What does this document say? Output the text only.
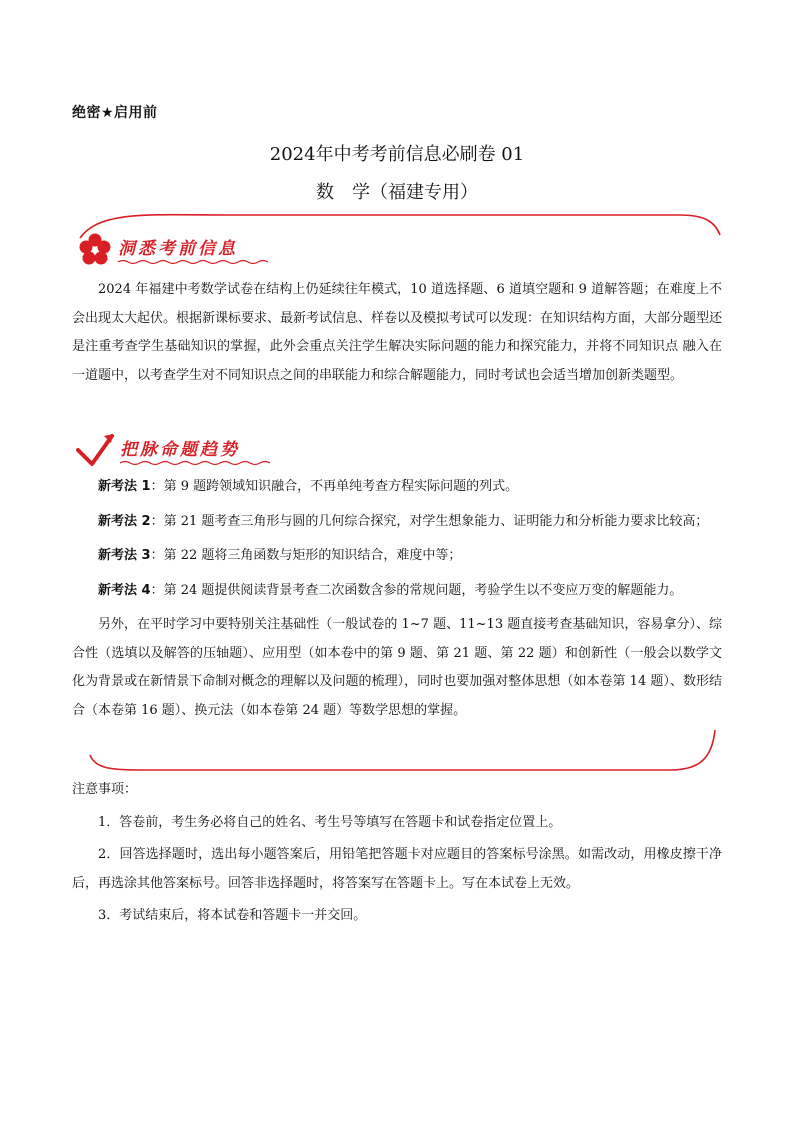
绝密★启用前
2024年中考考前信息必刷卷 01
数　学（福建专用）
洞悉考前信息

2024 年福建中考数学试卷在结构上仍延续往年模式，10 道选择题、6 道填空题和 9 道解答题；在难度上不会出现太大起伏。根据新课标要求、最新考试信息、样卷以及模拟考试可以发现：在知识结构方面，大部分题型还是注重考查学生基础知识的掌握，此外会重点关注学生解决实际问题的能力和探究能力，并将不同知识点 融入在一道题中，以考查学生对不同知识点之间的串联能力和综合解题能力，同时考试也会适当增加创新类题型。

把脉命题趋势

新考法 1：第 9 题跨领域知识融合，不再单纯考查方程实际问题的列式。

新考法 2：第 21 题考查三角形与圆的几何综合探究，对学生想象能力、证明能力和分析能力要求比较高；

新考法 3：第 22 题将三角函数与矩形的知识结合，难度中等；

新考法 4：第 24 题提供阅读背景考查二次函数含参的常规问题，考验学生以不变应万变的解题能力。

另外，在平时学习中要特别关注基础性（一般试卷的 1~7 题、11~13 题直接考查基础知识，容易拿分）、综合性（选填以及解答的压轴题）、应用型（如本卷中的第 9 题、第 21 题、第 22 题）和创新性（一般会以数学文化为背景或在新情景下命制对概念的理解以及问题的梳理），同时也要加强对整体思想（如本卷第 14 题）、数形结合（本卷第 16 题）、换元法（如本卷第 24 题）等数学思想的掌握。

注意事项：

1．答卷前，考生务必将自己的姓名、考生号等填写在答题卡和试卷指定位置上。

2．回答选择题时，选出每小题答案后，用铅笔把答题卡对应题目的答案标号涂黑。如需改动，用橡皮擦干净后，再选涂其他答案标号。回答非选择题时，将答案写在答题卡上。写在本试卷上无效。

3．考试结束后，将本试卷和答题卡一并交回。
